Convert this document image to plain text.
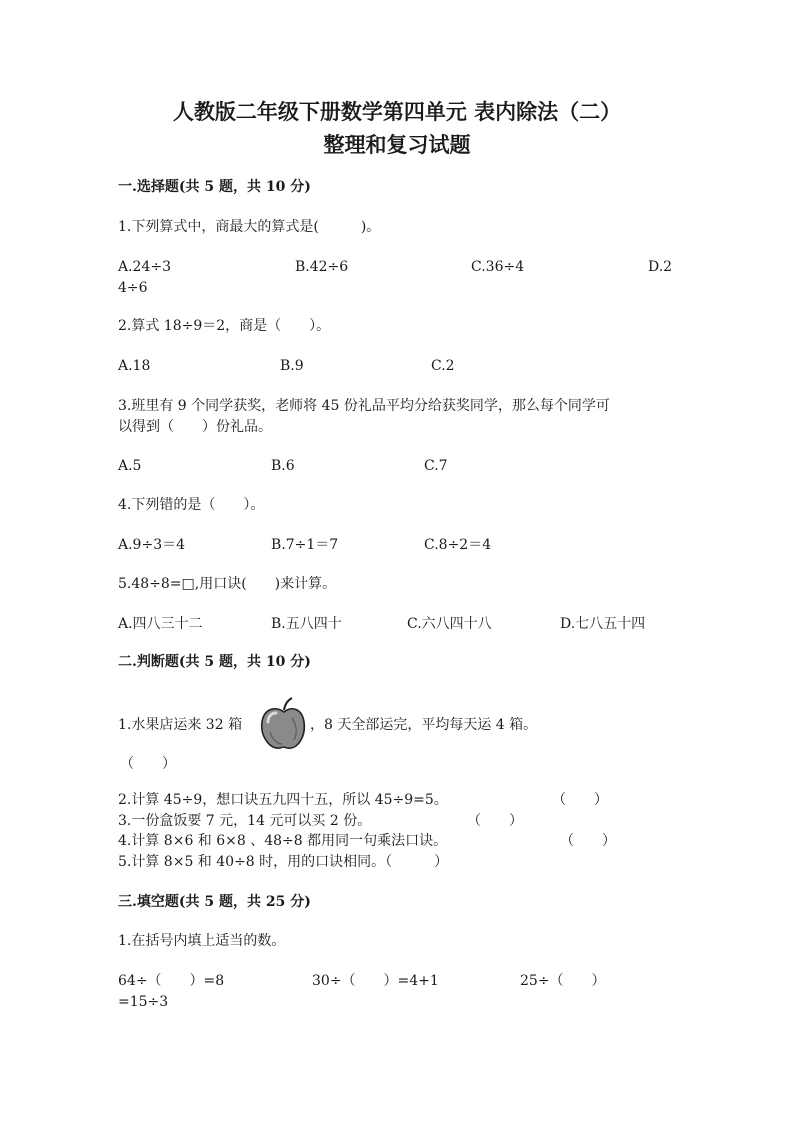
人教版二年级下册数学第四单元 表内除法（二）
整理和复习试题
一.选择题(共 5 题，共 10 分)
1.下列算式中，商最大的算式是(　　　)。
A.24÷3	B.42÷6	C.36÷4	D.2
4÷6
2.算式 18÷9＝2，商是（　　）。
A.18	B.9	C.2
3.班里有 9 个同学获奖，老师将 45 份礼品平均分给获奖同学，那么每个同学可
以得到（　　）份礼品。
A.5	B.6	C.7
4.下列错的是（　　）。
A.9÷3＝4	B.7÷1＝7	C.8÷2＝4
5.48÷8=□,用口诀(　　)来计算。
A.四八三十二	B.五八四十	C.六八四十八	D.七八五十四
二.判断题(共 5 题，共 10 分)
1.水果店运来 32 箱	，8 天全部运完，平均每天运 4 箱。
（　　）
2.计算 45÷9，想口诀五九四十五，所以 45÷9=5。	（　　）
3.一份盒饭要 7 元，14 元可以买 2 份。	（　　）
4.计算 8×6 和 6×8 、48÷8 都用同一句乘法口诀。	（　　）
5.计算 8×5 和 40÷8 时，用的口诀相同。（　　　）
三.填空题(共 5 题，共 25 分)
1.在括号内填上适当的数。
64÷（　　）=8	30÷（　　）=4+1	25÷（　　）
=15÷3
